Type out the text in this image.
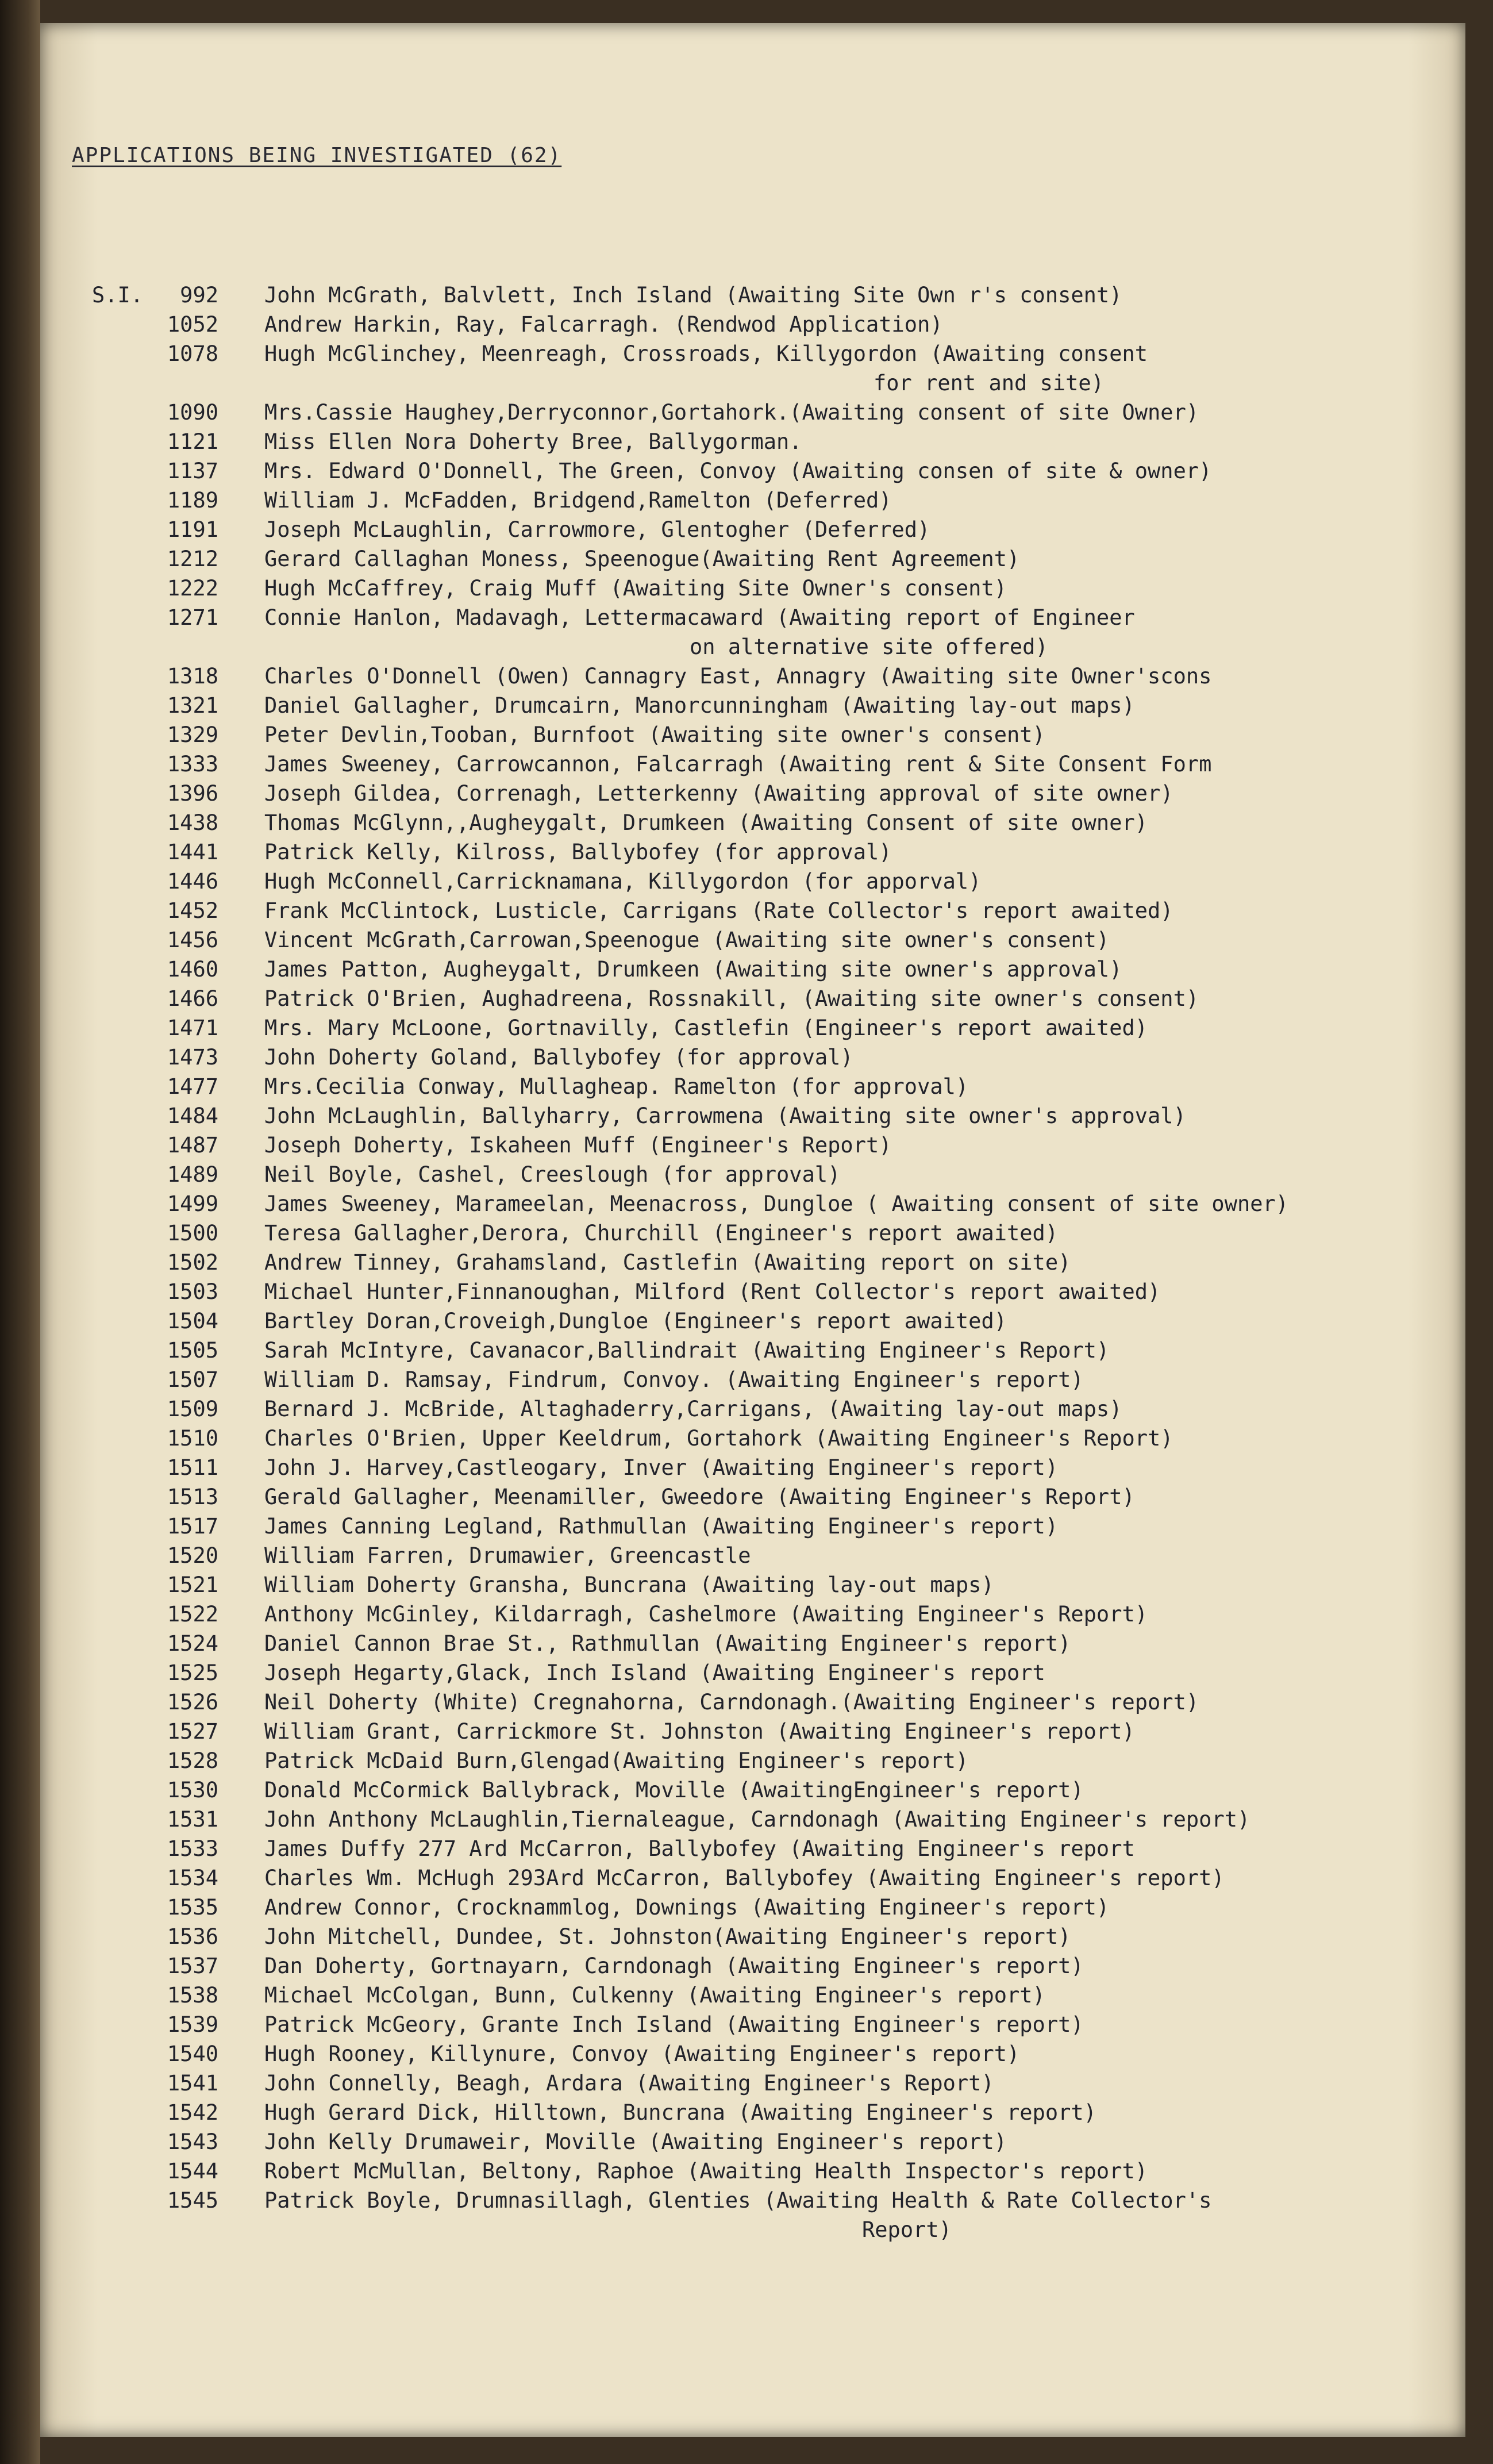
APPLICATIONS BEING INVESTIGATED (62)
S.I.	992	John McGrath, Balvlett, Inch Island (Awaiting Site Own r's consent)
1052	Andrew Harkin, Ray, Falcarragh. (Rendwod Application)
1078	Hugh McGlinchey, Meenreagh, Crossroads, Killygordon (Awaiting consent
for rent and site)
1090	Mrs.Cassie Haughey,Derryconnor,Gortahork.(Awaiting consent of site Owner)
1121	Miss Ellen Nora Doherty Bree, Ballygorman.
1137	Mrs. Edward O'Donnell, The Green, Convoy (Awaiting consen of site & owner)
1189	William J. McFadden, Bridgend,Ramelton (Deferred)
1191	Joseph McLaughlin, Carrowmore, Glentogher (Deferred)
1212	Gerard Callaghan Moness, Speenogue(Awaiting Rent Agreement)
1222	Hugh McCaffrey, Craig Muff (Awaiting Site Owner's consent)
1271	Connie Hanlon, Madavagh, Lettermacaward (Awaiting report of Engineer
on alternative site offered)
1318	Charles O'Donnell (Owen) Cannagry East, Annagry (Awaiting site Owner'scons
1321	Daniel Gallagher, Drumcairn, Manorcunningham (Awaiting lay-out maps)
1329	Peter Devlin,Tooban, Burnfoot (Awaiting site owner's consent)
1333	James Sweeney, Carrowcannon, Falcarragh (Awaiting rent & Site Consent Form
1396	Joseph Gildea, Correnagh, Letterkenny (Awaiting approval of site owner)
1438	Thomas McGlynn,,Augheygalt, Drumkeen (Awaiting Consent of site owner)
1441	Patrick Kelly, Kilross, Ballybofey (for approval)
1446	Hugh McConnell,Carricknamana, Killygordon (for apporval)
1452	Frank McClintock, Lusticle, Carrigans (Rate Collector's report awaited)
1456	Vincent McGrath,Carrowan,Speenogue (Awaiting site owner's consent)
1460	James Patton, Augheygalt, Drumkeen (Awaiting site owner's approval)
1466	Patrick O'Brien, Aughadreena, Rossnakill, (Awaiting site owner's consent)
1471	Mrs. Mary McLoone, Gortnavilly, Castlefin (Engineer's report awaited)
1473	John Doherty Goland, Ballybofey (for approval)
1477	Mrs.Cecilia Conway, Mullagheap. Ramelton (for approval)
1484	John McLaughlin, Ballyharry, Carrowmena (Awaiting site owner's approval)
1487	Joseph Doherty, Iskaheen Muff (Engineer's Report)
1489	Neil Boyle, Cashel, Creeslough (for approval)
1499	James Sweeney, Marameelan, Meenacross, Dungloe ( Awaiting consent of site owner)
1500	Teresa Gallagher,Derora, Churchill (Engineer's report awaited)
1502	Andrew Tinney, Grahamsland, Castlefin (Awaiting report on site)
1503	Michael Hunter,Finnanoughan, Milford (Rent Collector's report awaited)
1504	Bartley Doran,Croveigh,Dungloe (Engineer's report awaited)
1505	Sarah McIntyre, Cavanacor,Ballindrait (Awaiting Engineer's Report)
1507	William D. Ramsay, Findrum, Convoy. (Awaiting Engineer's report)
1509	Bernard J. McBride, Altaghaderry,Carrigans, (Awaiting lay-out maps)
1510	Charles O'Brien, Upper Keeldrum, Gortahork (Awaiting Engineer's Report)
1511	John J. Harvey,Castleogary, Inver (Awaiting Engineer's report)
1513	Gerald Gallagher, Meenamiller, Gweedore (Awaiting Engineer's Report)
1517	James Canning Legland, Rathmullan (Awaiting Engineer's report)
1520	William Farren, Drumawier, Greencastle
1521	William Doherty Gransha, Buncrana (Awaiting lay-out maps)
1522	Anthony McGinley, Kildarragh, Cashelmore (Awaiting Engineer's Report)
1524	Daniel Cannon Brae St., Rathmullan (Awaiting Engineer's report)
1525	Joseph Hegarty,Glack, Inch Island (Awaiting Engineer's report
1526	Neil Doherty (White) Cregnahorna, Carndonagh.(Awaiting Engineer's report)
1527	William Grant, Carrickmore St. Johnston (Awaiting Engineer's report)
1528	Patrick McDaid Burn,Glengad(Awaiting Engineer's report)
1530	Donald McCormick Ballybrack, Moville (AwaitingEngineer's report)
1531	John Anthony McLaughlin,Tiernaleague, Carndonagh (Awaiting Engineer's report)
1533	James Duffy 277 Ard McCarron, Ballybofey (Awaiting Engineer's report
1534	Charles Wm. McHugh 293Ard McCarron, Ballybofey (Awaiting Engineer's report)
1535	Andrew Connor, Crocknammlog, Downings (Awaiting Engineer's report)
1536	John Mitchell, Dundee, St. Johnston(Awaiting Engineer's report)
1537	Dan Doherty, Gortnayarn, Carndonagh (Awaiting Engineer's report)
1538	Michael McColgan, Bunn, Culkenny (Awaiting Engineer's report)
1539	Patrick McGeory, Grante Inch Island (Awaiting Engineer's report)
1540	Hugh Rooney, Killynure, Convoy (Awaiting Engineer's report)
1541	John Connelly, Beagh, Ardara (Awaiting Engineer's Report)
1542	Hugh Gerard Dick, Hilltown, Buncrana (Awaiting Engineer's report)
1543	John Kelly Drumaweir, Moville (Awaiting Engineer's report)
1544	Robert McMullan, Beltony, Raphoe (Awaiting Health Inspector's report)
1545	Patrick Boyle, Drumnasillagh, Glenties (Awaiting Health & Rate Collector's
Report)
